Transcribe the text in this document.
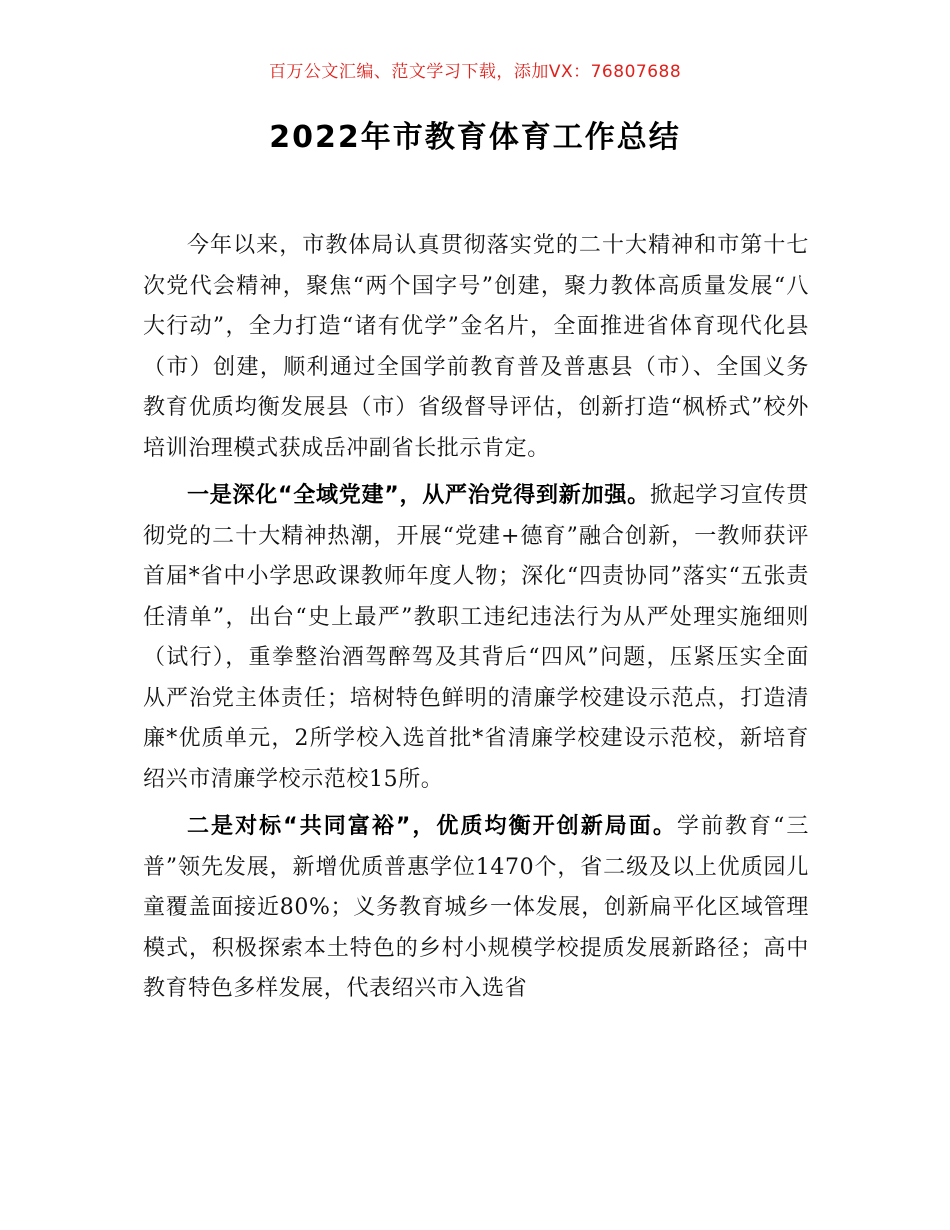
百万公文汇编、范文学习下载，添加VX：76807688
2022年市教育体育工作总结

今年以来，市教体局认真贯彻落实党的二十大精神和市第十七次党代会精神，聚焦“两个国字号”创建，聚力教体高质量发展“八大行动”，全力打造“诸有优学”金名片，全面推进省体育现代化县（市）创建，顺利通过全国学前教育普及普惠县（市）、全国义务教育优质均衡发展县（市）省级督导评估，创新打造“枫桥式”校外培训治理模式获成岳冲副省长批示肯定。

一是深化“全域党建”，从严治党得到新加强。掀起学习宣传贯彻党的二十大精神热潮，开展“党建+德育”融合创新，一教师获评首届*省中小学思政课教师年度人物；深化“四责协同”落实“五张责任清单”，出台“史上最严”教职工违纪违法行为从严处理实施细则（试行），重拳整治酒驾醉驾及其背后“四风”问题，压紧压实全面从严治党主体责任；培树特色鲜明的清廉学校建设示范点，打造清廉*优质单元，2所学校入选首批*省清廉学校建设示范校，新培育绍兴市清廉学校示范校15所。

二是对标“共同富裕”，优质均衡开创新局面。学前教育“三普”领先发展，新增优质普惠学位1470个，省二级及以上优质园儿童覆盖面接近80%；义务教育城乡一体发展，创新扁平化区域管理模式，积极探索本土特色的乡村小规模学校提质发展新路径；高中教育特色多样发展，代表绍兴市入选省
